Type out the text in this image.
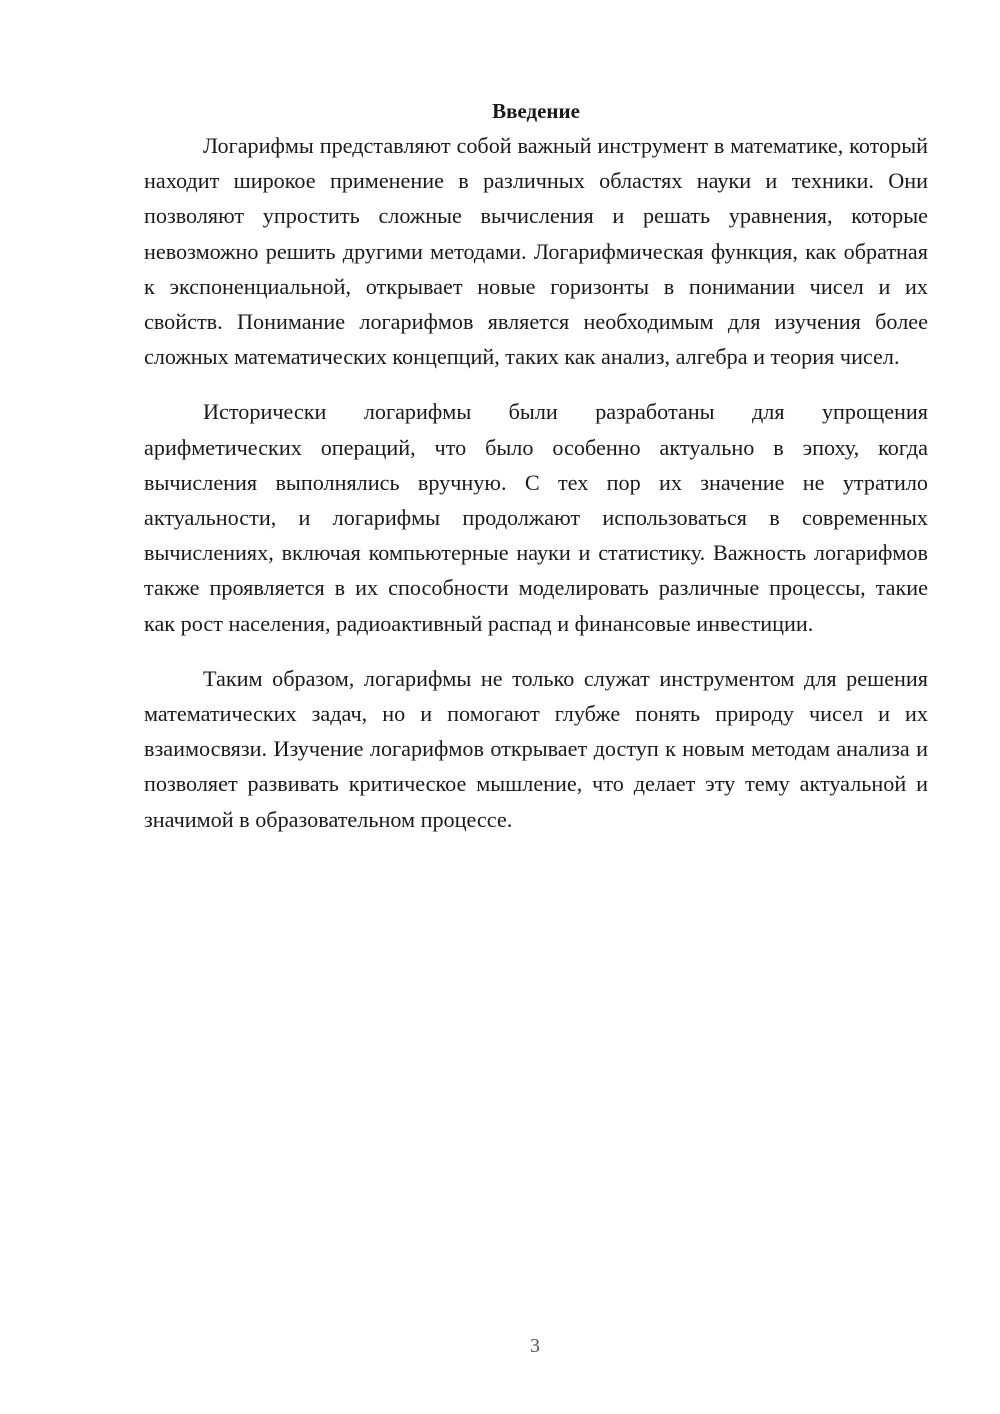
Введение

Логарифмы представляют собой важный инструмент в математике, который находит широкое применение в различных областях науки и техники. Они позволяют упростить сложные вычисления и решать уравнения, которые невозможно решить другими методами. Логарифмическая функция, как обратная к экспоненциальной, открывает новые горизонты в понимании чисел и их свойств. Понимание логарифмов является необходимым для изучения более сложных математических концепций, таких как анализ, алгебра и теория чисел.

Исторически логарифмы были разработаны для упрощения арифметических операций, что было особенно актуально в эпоху, когда вычисления выполнялись вручную. С тех пор их значение не утратило актуальности, и логарифмы продолжают использоваться в современных вычислениях, включая компьютерные науки и статистику. Важность логарифмов также проявляется в их способности моделировать различные процессы, такие как рост населения, радиоактивный распад и финансовые инвестиции.

Таким образом, логарифмы не только служат инструментом для решения математических задач, но и помогают глубже понять природу чисел и их взаимосвязи. Изучение логарифмов открывает доступ к новым методам анализа и позволяет развивать критическое мышление, что делает эту тему актуальной и значимой в образовательном процессе.

3
